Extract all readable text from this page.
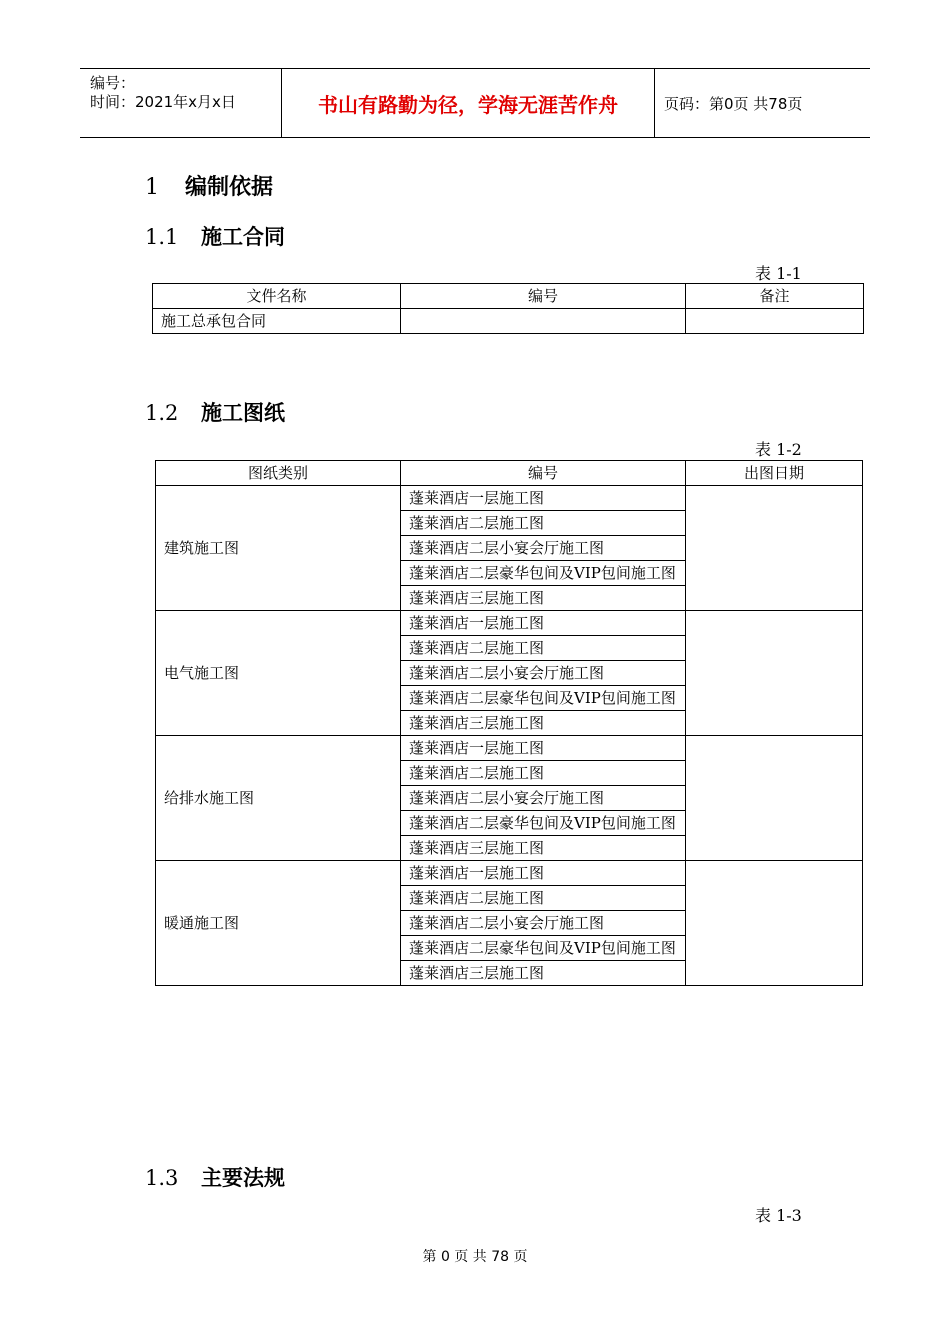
编号：
时间：2021年x月x日	书山有路勤为径，学海无涯苦作舟	页码：第0页 共78页
1 编制依据
1.1 施工合同
表 1-1
文件名称	编号	备注
施工总承包合同		
1.2 施工图纸
表 1-2
图纸类别	编号	出图日期
建筑施工图	蓬莱酒店一层施工图	
	蓬莱酒店二层施工图	
	蓬莱酒店二层小宴会厅施工图	
	蓬莱酒店二层豪华包间及VIP包间施工图	
	蓬莱酒店三层施工图	
电气施工图	蓬莱酒店一层施工图	
	蓬莱酒店二层施工图	
	蓬莱酒店二层小宴会厅施工图	
	蓬莱酒店二层豪华包间及VIP包间施工图	
	蓬莱酒店三层施工图	
给排水施工图	蓬莱酒店一层施工图	
	蓬莱酒店二层施工图	
	蓬莱酒店二层小宴会厅施工图	
	蓬莱酒店二层豪华包间及VIP包间施工图	
	蓬莱酒店三层施工图	
暖通施工图	蓬莱酒店一层施工图	
	蓬莱酒店二层施工图	
	蓬莱酒店二层小宴会厅施工图	
	蓬莱酒店二层豪华包间及VIP包间施工图	
	蓬莱酒店三层施工图	
1.3 主要法规
表 1-3
第 0 页 共 78 页
